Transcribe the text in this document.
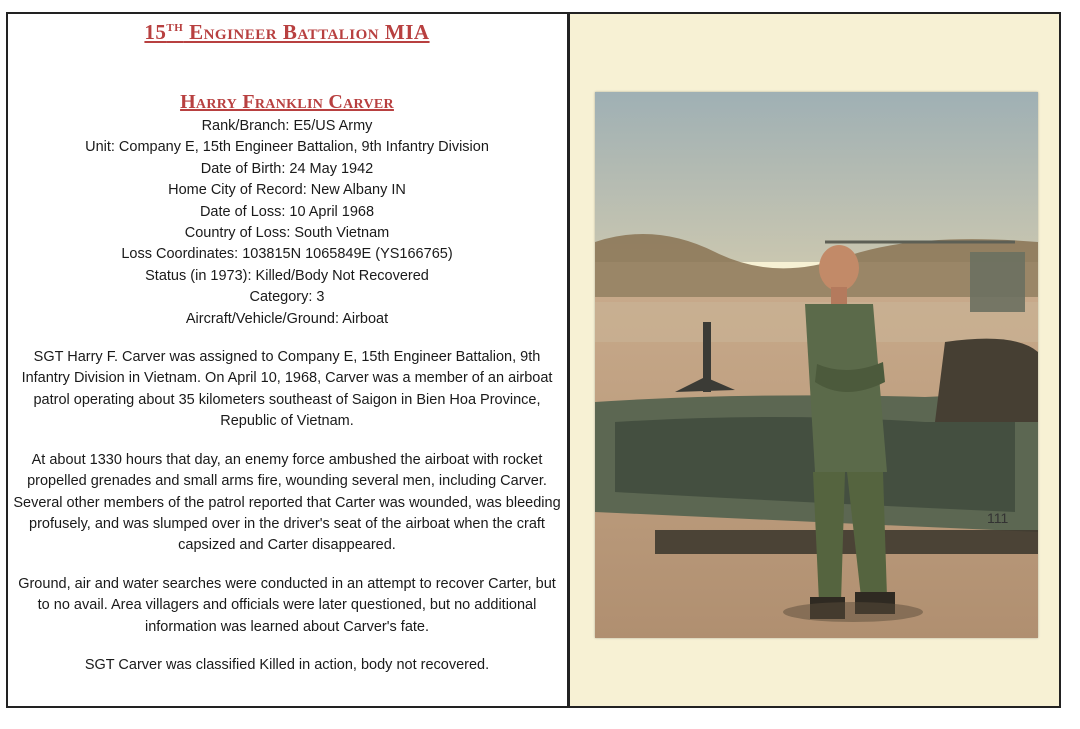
15TH Engineer Battalion MIA
Harry Franklin Carver
Rank/Branch: E5/US Army
Unit: Company E, 15th Engineer Battalion, 9th Infantry Division
Date of Birth: 24 May 1942
Home City of Record: New Albany IN
Date of Loss: 10 April 1968
Country of Loss: South Vietnam
Loss Coordinates: 103815N 1065849E (YS166765)
Status (in 1973): Killed/Body Not Recovered
Category: 3
Aircraft/Vehicle/Ground: Airboat

SGT Harry F. Carver was assigned to Company E, 15th Engineer Battalion, 9th Infantry Division in Vietnam. On April 10, 1968, Carver was a member of an airboat patrol operating about 35 kilometers southeast of Saigon in Bien Hoa Province, Republic of Vietnam.

At about 1330 hours that day, an enemy force ambushed the airboat with rocket propelled grenades and small arms fire, wounding several men, including Carver. Several other members of the patrol reported that Carter was wounded, was bleeding profusely, and was slumped over in the driver's seat of the airboat when the craft capsized and Carter disappeared.

Ground, air and water searches were conducted in an attempt to recover Carter, but to no avail. Area villagers and officials were later questioned, but no additional information was learned about Carver's fate.

SGT Carver was classified Killed in action, body not recovered.

111
